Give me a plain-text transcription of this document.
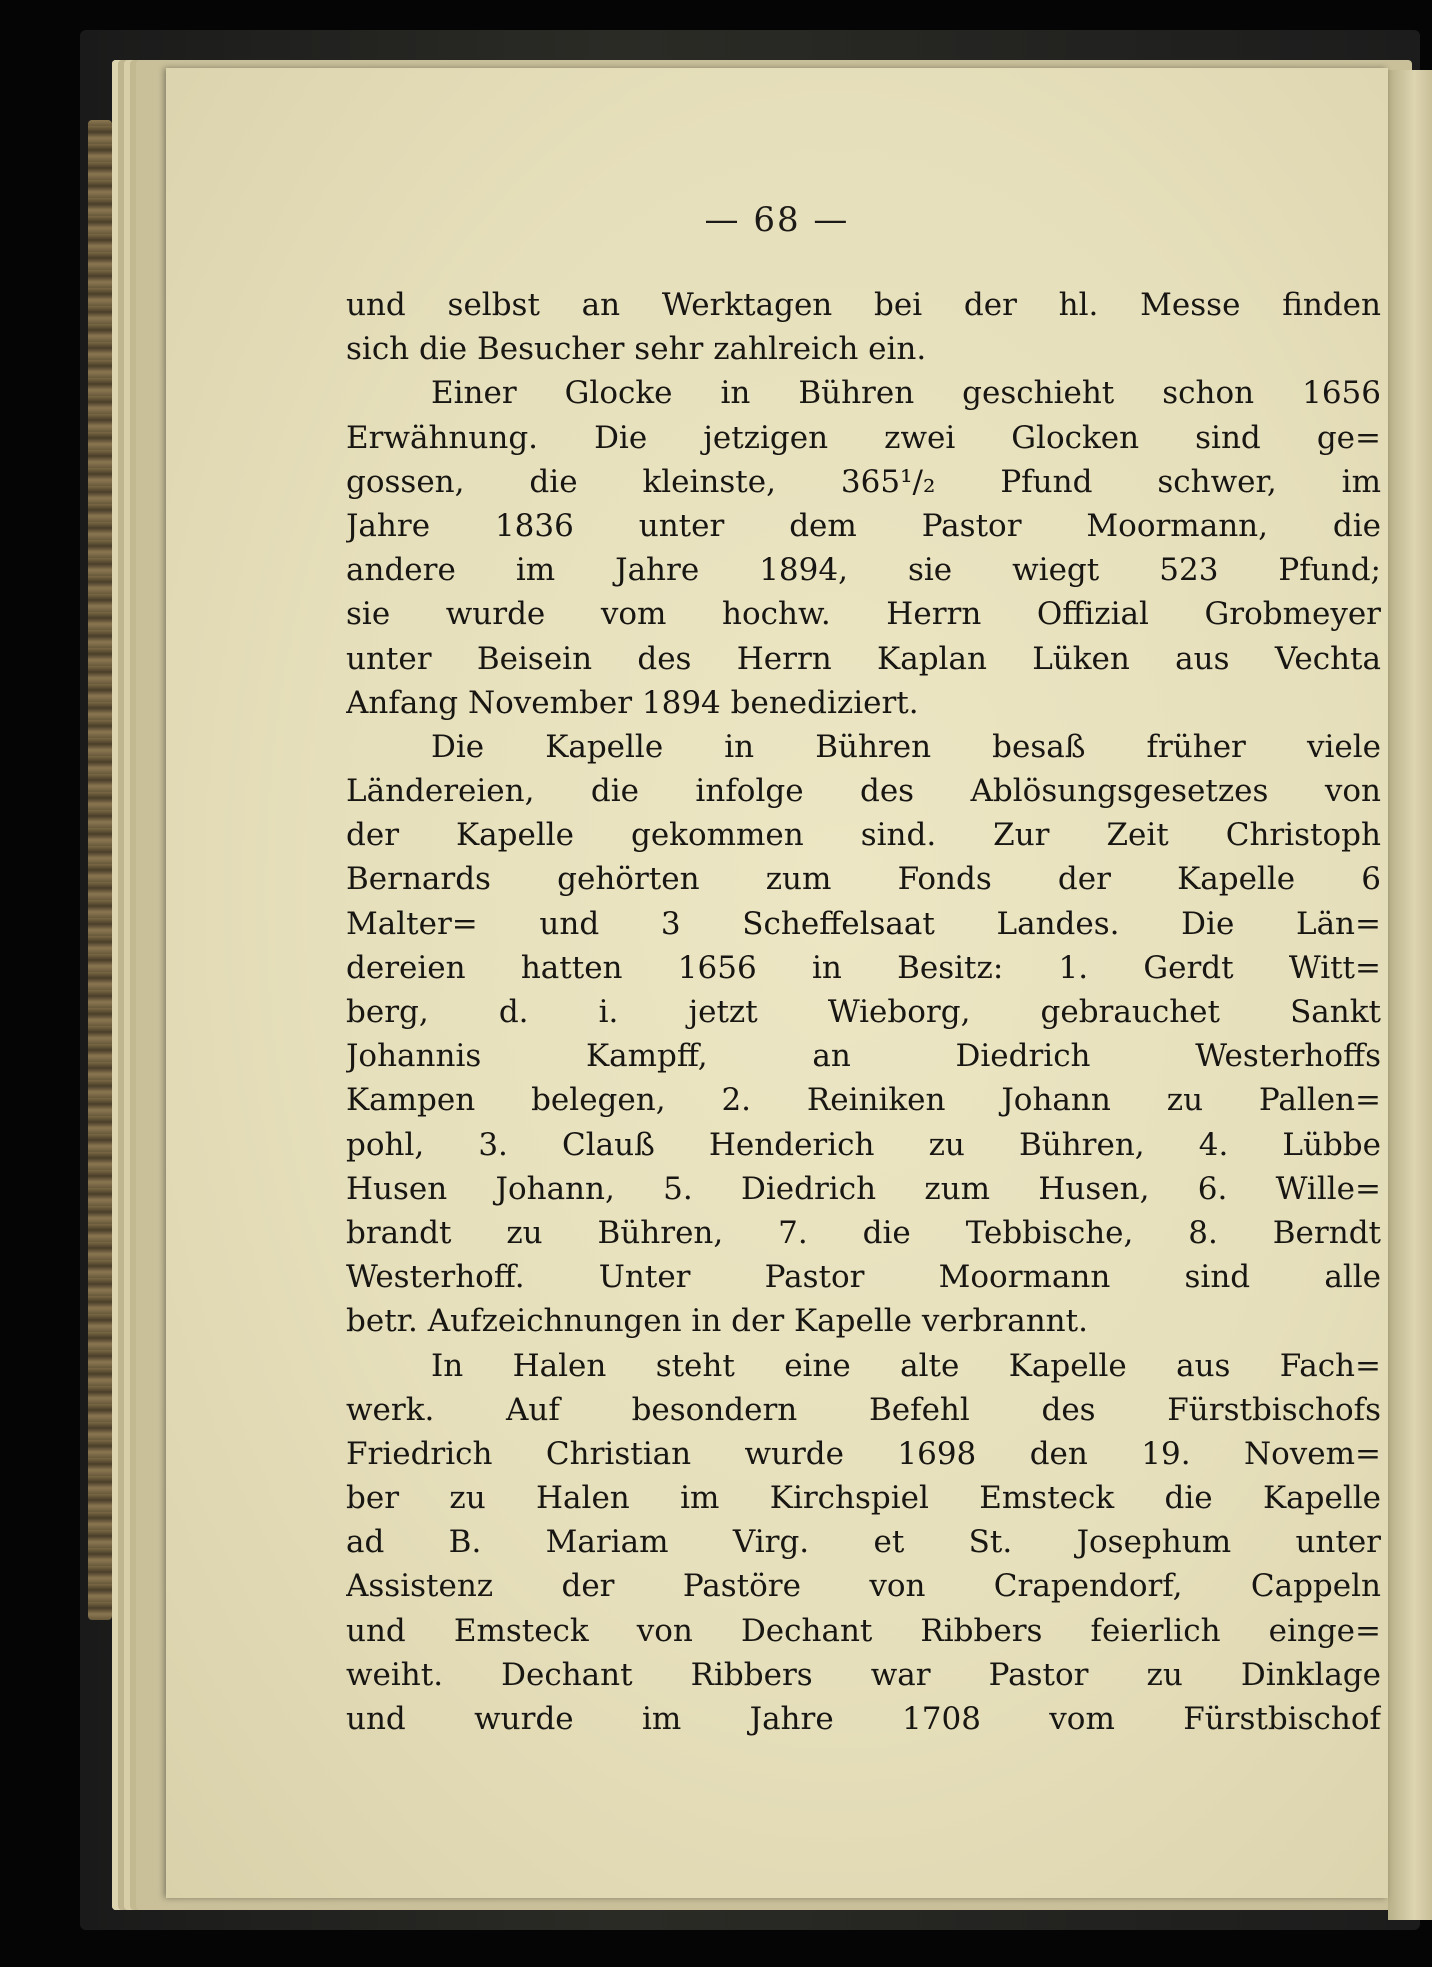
— 68 —
und selbst an Werktagen bei der hl. Messe finden
sich die Besucher sehr zahlreich ein.
Einer Glocke in Bühren geschieht schon 1656
Erwähnung. Die jetzigen zwei Glocken sind ge=
gossen, die kleinste, 365¹/₂ Pfund schwer, im
Jahre 1836 unter dem Pastor Moormann, die
andere im Jahre 1894, sie wiegt 523 Pfund;
sie wurde vom hochw. Herrn Offizial Grobmeyer
unter Beisein des Herrn Kaplan Lüken aus Vechta
Anfang November 1894 benediziert.
Die Kapelle in Bühren besaß früher viele
Ländereien, die infolge des Ablösungsgesetzes von
der Kapelle gekommen sind. Zur Zeit Christoph
Bernards gehörten zum Fonds der Kapelle 6
Malter= und 3 Scheffelsaat Landes. Die Län=
dereien hatten 1656 in Besitz: 1. Gerdt Witt=
berg, d. i. jetzt Wieborg, gebrauchet Sankt
Johannis Kampff, an Diedrich Westerhoffs
Kampen belegen, 2. Reiniken Johann zu Pallen=
pohl, 3. Clauß Henderich zu Bühren, 4. Lübbe
Husen Johann, 5. Diedrich zum Husen, 6. Wille=
brandt zu Bühren, 7. die Tebbische, 8. Berndt
Westerhoff. Unter Pastor Moormann sind alle
betr. Aufzeichnungen in der Kapelle verbrannt.
In Halen steht eine alte Kapelle aus Fach=
werk. Auf besondern Befehl des Fürstbischofs
Friedrich Christian wurde 1698 den 19. Novem=
ber zu Halen im Kirchspiel Emsteck die Kapelle
ad B. Mariam Virg. et St. Josephum unter
Assistenz der Pastöre von Crapendorf, Cappeln
und Emsteck von Dechant Ribbers feierlich einge=
weiht. Dechant Ribbers war Pastor zu Dinklage
und wurde im Jahre 1708 vom Fürstbischof
